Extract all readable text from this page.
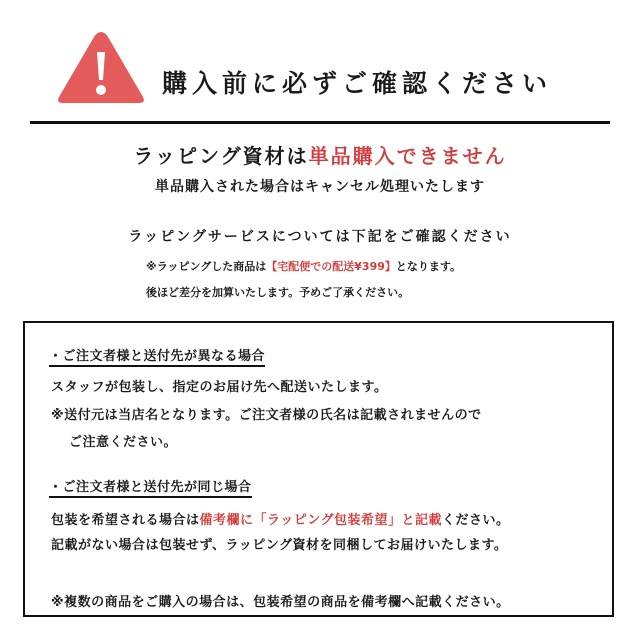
購入前に必ずご確認ください
ラッピング資材は単品購入できません
単品購入された場合はキャンセル処理いたします
ラッピングサービスについては下記をご確認ください
※ラッピングした商品は【宅配便での配送¥399】となります。
後ほど差分を加算いたします。予めご了承ください。
・ご注文者様と送付先が異なる場合
スタッフが包装し、指定のお届け先へ配送いたします。
※送付元は当店名となります。ご注文者様の氏名は記載されませんので
ご注意ください。
・ご注文者様と送付先が同じ場合
包装を希望される場合は備考欄に「ラッピング包装希望」と記載ください。
記載がない場合は包装せず、ラッピング資材を同梱してお届けいたします。
※複数の商品をご購入の場合は、包装希望の商品を備考欄へ記載ください。
